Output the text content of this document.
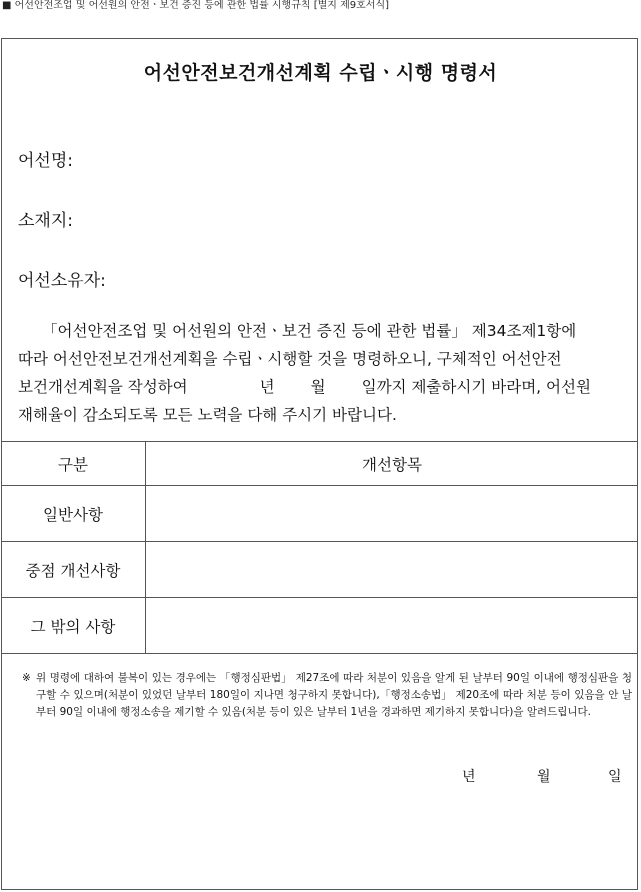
■ 어선안전조업 및 어선원의 안전ㆍ보건 증진 등에 관한 법률 시행규칙 [별지 제9호서식]
어선안전보건개선계획 수립ㆍ시행 명령서
어선명:
소재지:
어선소유자:
「어선안전조업 및 어선원의 안전ㆍ보건 증진 등에 관한 법률」 제34조제1항에
따라 어선안전보건개선계획을 수립ㆍ시행할 것을 명령하오니, 구체적인 어선안전
보건개선계획을 작성하여	년 월 일까지 제출하시기 바라며, 어선원
재해율이 감소되도록 모든 노력을 다해 주시기 바랍니다.
구분	개선항목
일반사항	
중점 개선사항	
그 밖의 사항	
※ 위 명령에 대하여 불복이 있는 경우에는 「행정심판법」 제27조에 따라 처분이 있음을 알게 된 날부터 90일 이내에 행정심판을 청구할 수 있으며(처분이 있었던 날부터 180일이 지나면 청구하지 못합니다),「행정소송법」 제20조에 따라 처분 등이 있음을 안 날부터 90일 이내에 행정소송을 제기할 수 있음(처분 등이 있은 날부터 1년을 경과하면 제기하지 못합니다)을 알려드립니다.
년	월	일
